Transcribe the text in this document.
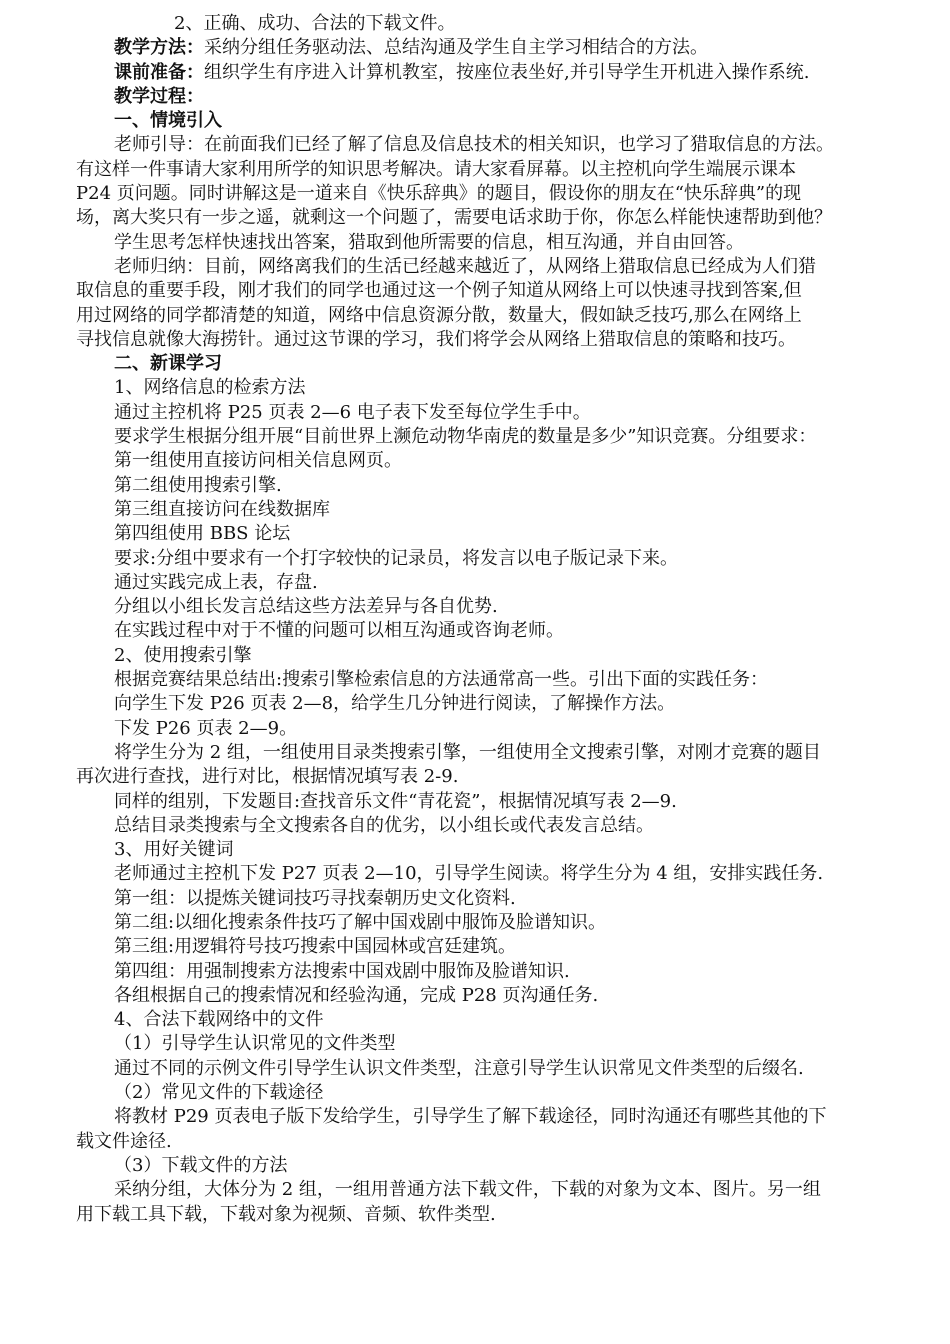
2、正确、成功、合法的下载文件。

教学方法：采纳分组任务驱动法、总结沟通及学生自主学习相结合的方法。

课前准备：组织学生有序进入计算机教室，按座位表坐好,并引导学生开机进入操作系统.

教学过程：

一、情境引入

老师引导：在前面我们已经了解了信息及信息技术的相关知识，也学习了猎取信息的方法。

有这样一件事请大家利用所学的知识思考解决。请大家看屏幕。以主控机向学生端展示课本

P24 页问题。同时讲解这是一道来自《快乐辞典》的题目，假设你的朋友在“快乐辞典”的现

场，离大奖只有一步之遥，就剩这一个问题了，需要电话求助于你，你怎么样能快速帮助到他？

学生思考怎样快速找出答案，猎取到他所需要的信息，相互沟通，并自由回答。

老师归纳：目前，网络离我们的生活已经越来越近了，从网络上猎取信息已经成为人们猎

取信息的重要手段，刚才我们的同学也通过这一个例子知道从网络上可以快速寻找到答案,但

用过网络的同学都清楚的知道，网络中信息资源分散，数量大，假如缺乏技巧,那么在网络上

寻找信息就像大海捞针。通过这节课的学习，我们将学会从网络上猎取信息的策略和技巧。

二、新课学习

1、网络信息的检索方法

通过主控机将 P25 页表 2—6 电子表下发至每位学生手中。

要求学生根据分组开展“目前世界上濒危动物华南虎的数量是多少”知识竞赛。分组要求：

第一组使用直接访问相关信息网页。

第二组使用搜索引擎.

第三组直接访问在线数据库

第四组使用 BBS 论坛

要求:分组中要求有一个打字较快的记录员，将发言以电子版记录下来。

通过实践完成上表，存盘.

分组以小组长发言总结这些方法差异与各自优势.

在实践过程中对于不懂的问题可以相互沟通或咨询老师。

2、使用搜索引擎

根据竞赛结果总结出:搜索引擎检索信息的方法通常高一些。引出下面的实践任务：

向学生下发 P26 页表 2—8，给学生几分钟进行阅读，了解操作方法。

下发 P26 页表 2—9。

将学生分为 2 组，一组使用目录类搜索引擎，一组使用全文搜索引擎，对刚才竞赛的题目

再次进行查找，进行对比，根据情况填写表 2-9.

同样的组别，下发题目:查找音乐文件“青花瓷”，根据情况填写表 2—9.

总结目录类搜索与全文搜索各自的优劣，以小组长或代表发言总结。

3、用好关键词

老师通过主控机下发 P27 页表 2—10，引导学生阅读。将学生分为 4 组，安排实践任务.

第一组：以提炼关键词技巧寻找秦朝历史文化资料.

第二组:以细化搜索条件技巧了解中国戏剧中服饰及脸谱知识。

第三组:用逻辑符号技巧搜索中国园林或宫廷建筑。

第四组：用强制搜索方法搜索中国戏剧中服饰及脸谱知识.

各组根据自己的搜索情况和经验沟通，完成 P28 页沟通任务.

4、合法下载网络中的文件

（1）引导学生认识常见的文件类型

通过不同的示例文件引导学生认识文件类型，注意引导学生认识常见文件类型的后缀名.

（2）常见文件的下载途径

将教材 P29 页表电子版下发给学生，引导学生了解下载途径，同时沟通还有哪些其他的下

载文件途径.

（3）下载文件的方法

采纳分组，大体分为 2 组，一组用普通方法下载文件，下载的对象为文本、图片。另一组

用下载工具下载，下载对象为视频、音频、软件类型.
